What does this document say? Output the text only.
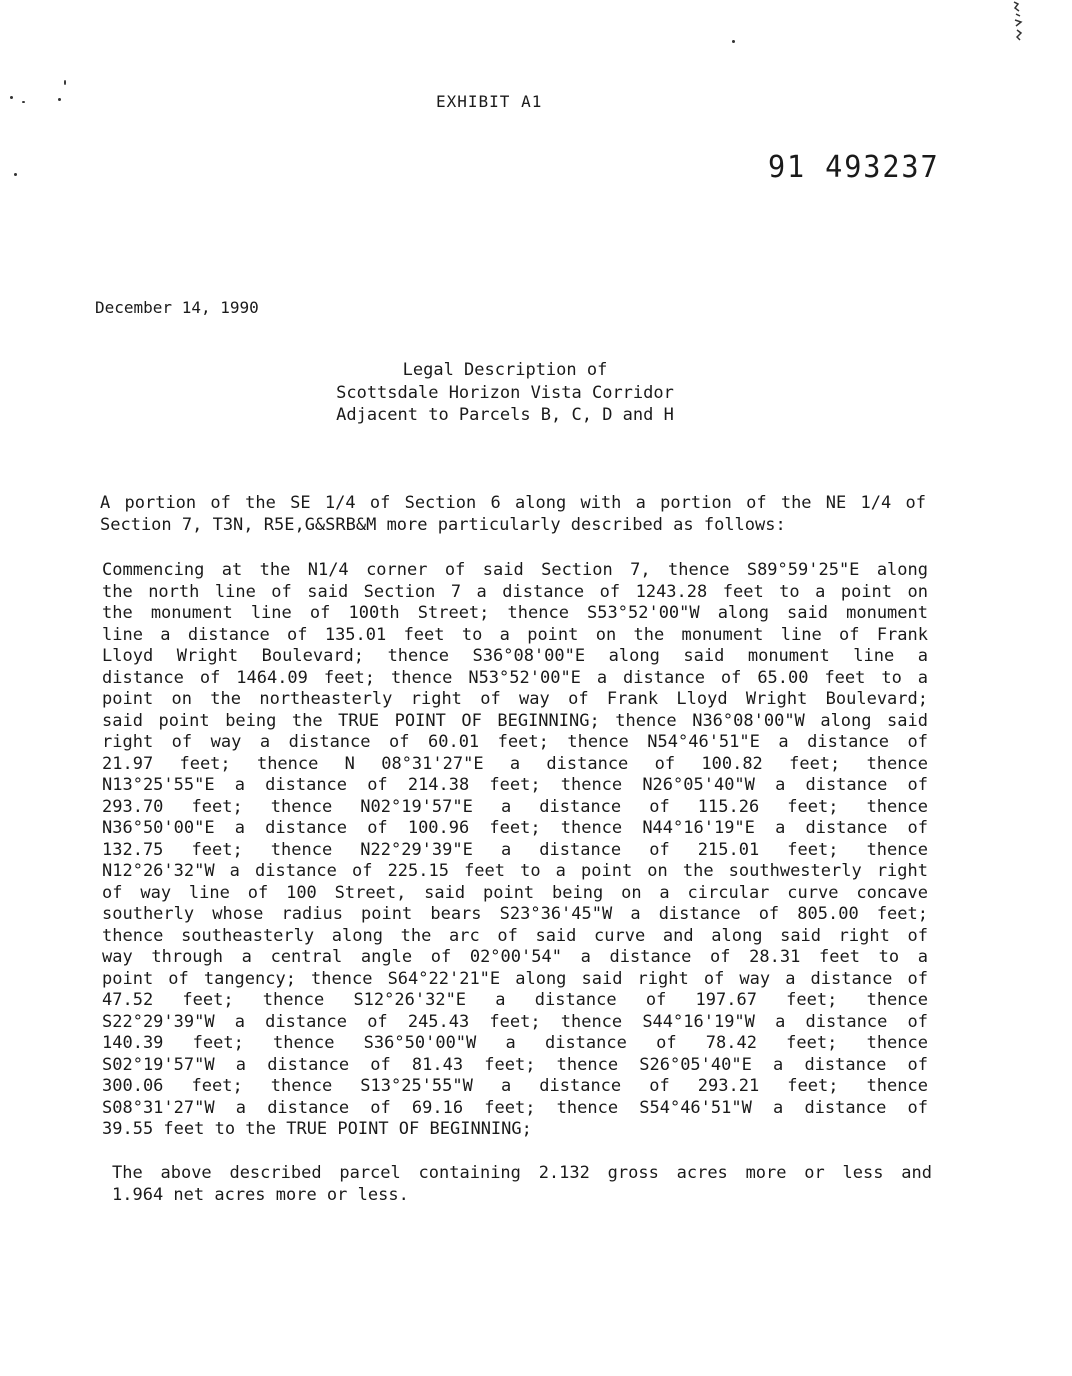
EXHIBIT A1
91 493237
December 14, 1990
Legal Description of
Scottsdale Horizon Vista Corridor
Adjacent to Parcels B, C, D and H
A portion of the SE 1/4 of Section 6 along with a portion of the NE 1/4 of
Section 7, T3N, R5E,G&SRB&M more particularly described as follows:
Commencing at the N1/4 corner of said Section 7, thence S89°59'25"E along
the north line of said Section 7 a distance of 1243.28 feet to a point on
the monument line of 100th Street; thence S53°52'00"W along said monument
line a distance of 135.01 feet to a point on the monument line of Frank
Lloyd Wright Boulevard; thence S36°08'00"E along said monument line a
distance of 1464.09 feet; thence N53°52'00"E a distance of 65.00 feet to a
point on the northeasterly right of way of Frank Lloyd Wright Boulevard;
said point being the TRUE POINT OF BEGINNING; thence N36°08'00"W along said
right of way a distance of 60.01 feet; thence N54°46'51"E a distance of
21.97 feet; thence N 08°31'27"E a distance of 100.82 feet; thence
N13°25'55"E a distance of 214.38 feet; thence N26°05'40"W a distance of
293.70 feet; thence N02°19'57"E a distance of 115.26 feet; thence
N36°50'00"E a distance of 100.96 feet; thence N44°16'19"E a distance of
132.75 feet; thence N22°29'39"E a distance of 215.01 feet; thence
N12°26'32"W a distance of 225.15 feet to a point on the southwesterly right
of way line of 100 Street, said point being on a circular curve concave
southerly whose radius point bears S23°36'45"W a distance of 805.00 feet;
thence southeasterly along the arc of said curve and along said right of
way through a central angle of 02°00'54" a distance of 28.31 feet to a
point of tangency; thence S64°22'21"E along said right of way a distance of
47.52 feet; thence S12°26'32"E a distance of 197.67 feet; thence
S22°29'39"W a distance of 245.43 feet; thence S44°16'19"W a distance of
140.39 feet; thence S36°50'00"W a distance of 78.42 feet; thence
S02°19'57"W a distance of 81.43 feet; thence S26°05'40"E a distance of
300.06 feet; thence S13°25'55"W a distance of 293.21 feet; thence
S08°31'27"W a distance of 69.16 feet; thence S54°46'51"W a distance of
39.55 feet to the TRUE POINT OF BEGINNING;
The above described parcel containing 2.132 gross acres more or less and
1.964 net acres more or less.
